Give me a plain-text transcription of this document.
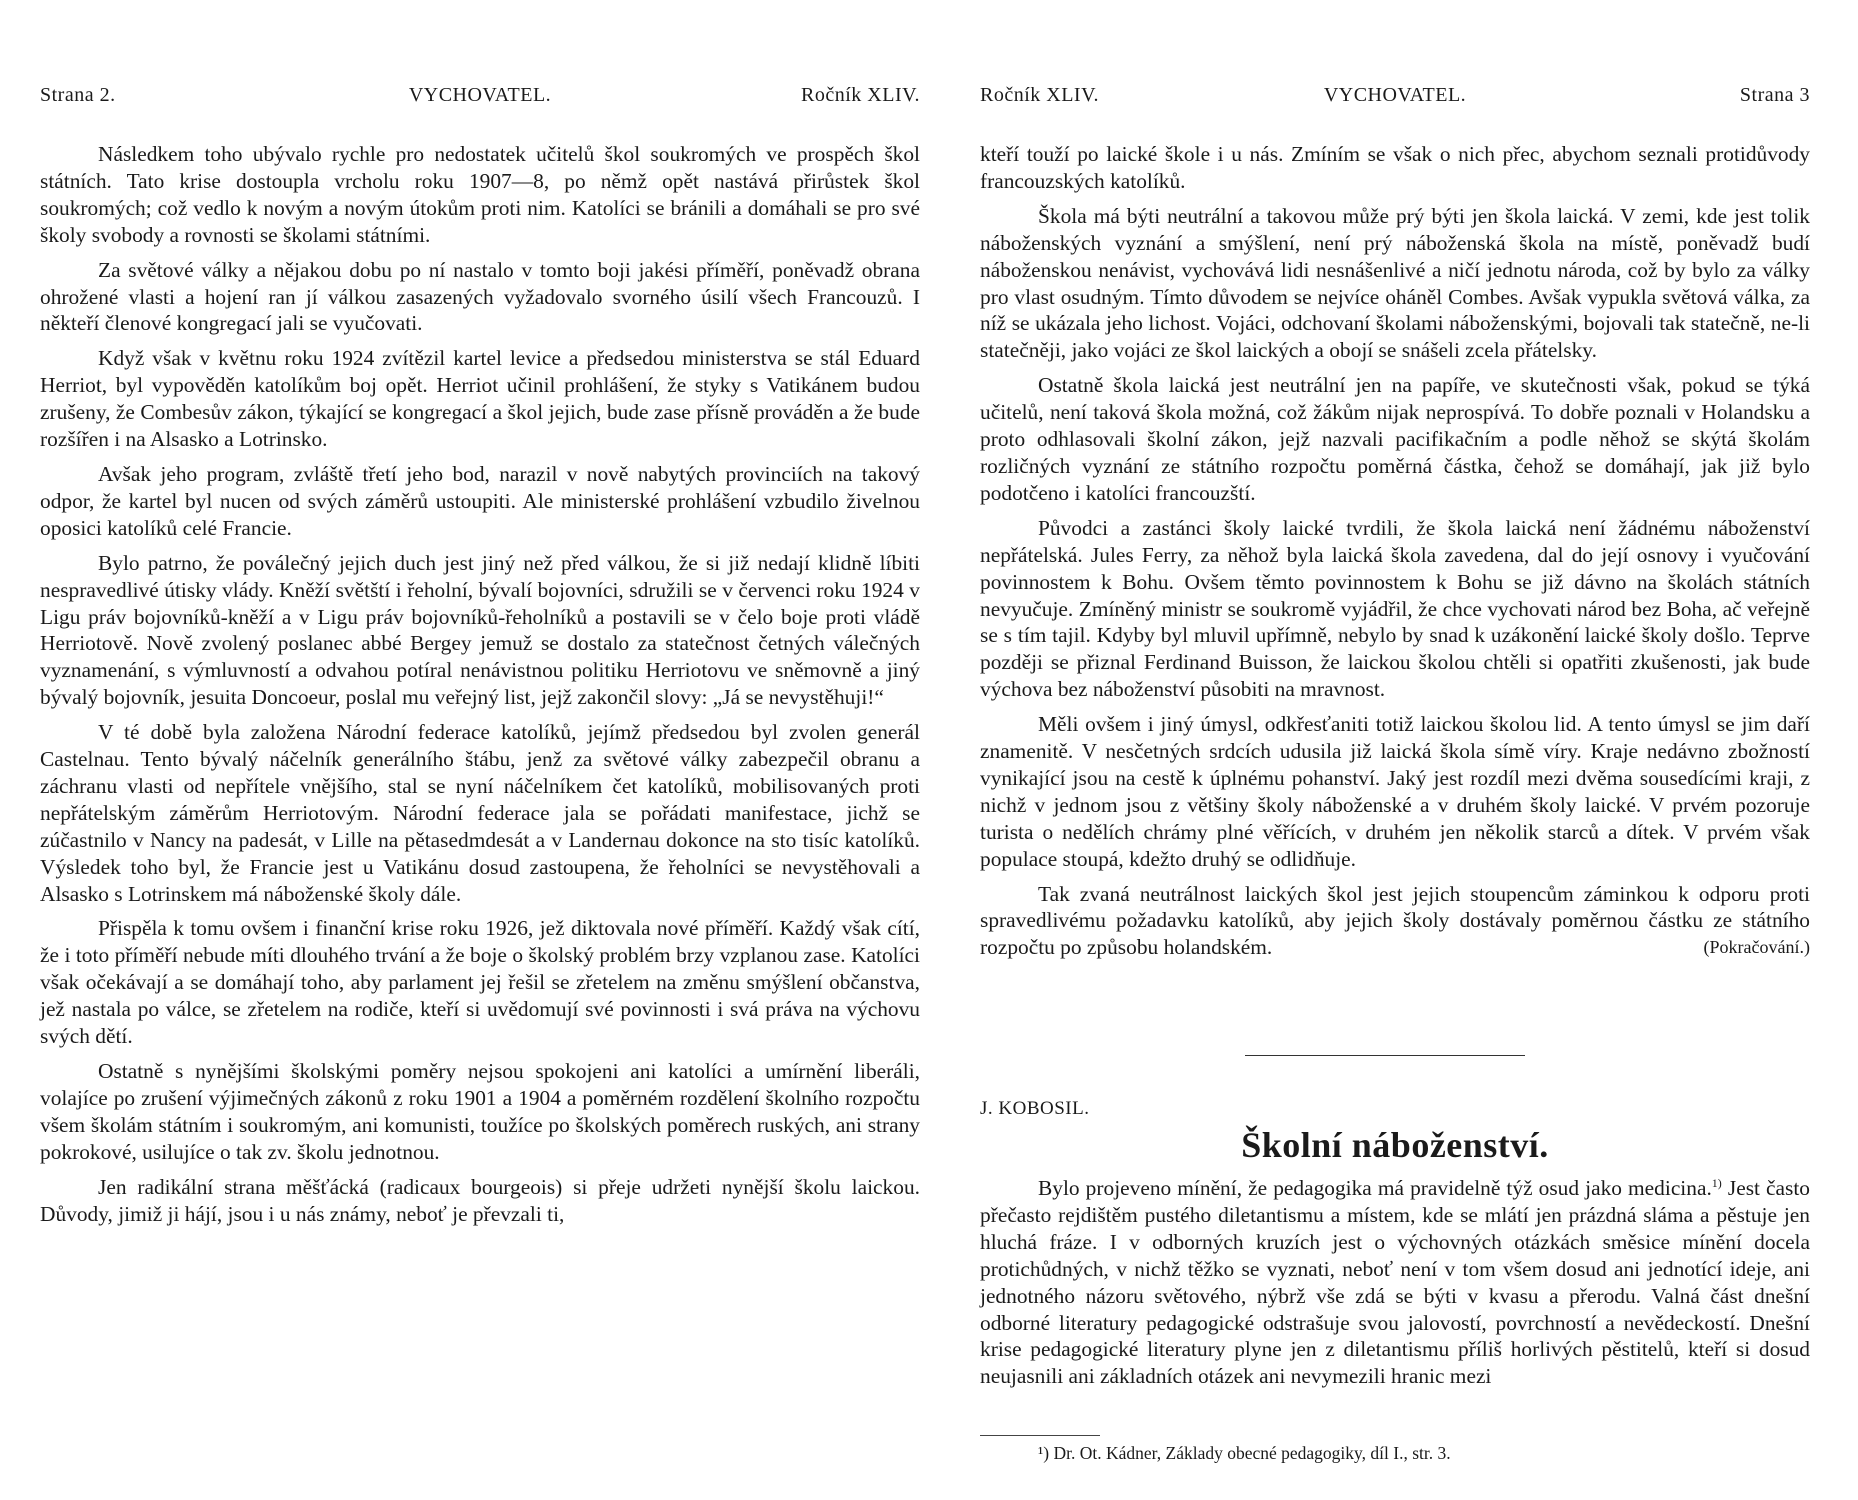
Strana 2.	VYCHOVATEL.	Ročník XLIV.

Následkem toho ubývalo rychle pro nedostatek učitelů škol soukromých ve prospěch škol státních. Tato krise dostoupla vrcholu roku 1907—8, po němž opět nastává přirůstek škol soukromých; což vedlo k novým a novým útokům proti nim. Katolíci se bránili a domáhali se pro své školy svobody a rovnosti se školami státními.

Za světové války a nějakou dobu po ní nastalo v tomto boji jakési příměří, poněvadž obrana ohrožené vlasti a hojení ran jí válkou zasazených vyžadovalo svorného úsilí všech Francouzů. I někteří členové kongregací jali se vyučovati.

Když však v květnu roku 1924 zvítězil kartel levice a předsedou ministerstva se stál Eduard Herriot, byl vypověděn katolíkům boj opět. Herriot učinil prohlášení, že styky s Vatikánem budou zrušeny, že Combesův zákon, týkající se kongregací a škol jejich, bude zase přísně prováděn a že bude rozšířen i na Alsasko a Lotrinsko.

Avšak jeho program, zvláště třetí jeho bod, narazil v nově nabytých provinciích na takový odpor, že kartel byl nucen od svých záměrů ustoupiti. Ale ministerské prohlášení vzbudilo živelnou oposici katolíků celé Francie.

Bylo patrno, že poválečný jejich duch jest jiný než před válkou, že si již nedají klidně líbiti nespravedlivé útisky vlády. Kněží světští i řeholní, bývalí bojovníci, sdružili se v červenci roku 1924 v Ligu práv bojovníků-kněží a v Ligu práv bojovníků-řeholníků a postavili se v čelo boje proti vládě Herriotově. Nově zvolený poslanec abbé Bergey jemuž se dostalo za statečnost četných válečných vyznamenání, s výmluvností a odvahou potíral nenávistnou politiku Herriotovu ve sněmovně a jiný bývalý bojovník, jesuita Doncoeur, poslal mu veřejný list, jejž zakončil slovy: „Já se nevystěhuji!“

V té době byla založena Národní federace katolíků, jejímž předsedou byl zvolen generál Castelnau. Tento bývalý náčelník generálního štábu, jenž za světové války zabezpečil obranu a záchranu vlasti od nepřítele vnějšího, stal se nyní náčelníkem čet katolíků, mobilisovaných proti nepřátelským záměrům Herriotovým. Národní federace jala se pořádati manifestace, jichž se zúčastnilo v Nancy na padesát, v Lille na pětasedmdesát a v Landernau dokonce na sto tisíc katolíků. Výsledek toho byl, že Francie jest u Vatikánu dosud zastoupena, že řeholníci se nevystěhovali a Alsasko s Lotrinskem má náboženské školy dále.

Přispěla k tomu ovšem i finanční krise roku 1926, jež diktovala nové příměří. Každý však cítí, že i toto příměří nebude míti dlouhého trvání a že boje o školský problém brzy vzplanou zase. Katolíci však očekávají a se domáhají toho, aby parlament jej řešil se zřetelem na změnu smýšlení občanstva, jež nastala po válce, se zřetelem na rodiče, kteří si uvědomují své povinnosti i svá práva na výchovu svých dětí.

Ostatně s nynějšími školskými poměry nejsou spokojeni ani katolíci a umírnění liberáli, volajíce po zrušení výjimečných zákonů z roku 1901 a 1904 a poměrném rozdělení školního rozpočtu všem školám státním i soukromým, ani komunisti, toužíce po školských poměrech ruských, ani strany pokrokové, usilujíce o tak zv. školu jednotnou.

Jen radikální strana měšťácká (radicaux bourgeois) si přeje udržeti nynější školu laickou. Důvody, jimiž ji hájí, jsou i u nás známy, neboť je převzali ti,

Ročník XLIV.	VYCHOVATEL.	Strana 3

kteří touží po laické škole i u nás. Zmíním se však o nich přec, abychom seznali protidůvody francouzských katolíků.

Škola má býti neutrální a takovou může prý býti jen škola laická. V zemi, kde jest tolik náboženských vyznání a smýšlení, není prý náboženská škola na místě, poněvadž budí náboženskou nenávist, vychovává lidi nesnášenlivé a ničí jednotu národa, což by bylo za války pro vlast osudným. Tímto důvodem se nejvíce oháněl Combes. Avšak vypukla světová válka, za níž se ukázala jeho lichost. Vojáci, odchovaní školami náboženskými, bojovali tak statečně, ne-li statečněji, jako vojáci ze škol laických a obojí se snášeli zcela přátelsky.

Ostatně škola laická jest neutrální jen na papíře, ve skutečnosti však, pokud se týká učitelů, není taková škola možná, což žákům nijak neprospívá. To dobře poznali v Holandsku a proto odhlasovali školní zákon, jejž nazvali pacifikačním a podle něhož se skýtá školám rozličných vyznání ze státního rozpočtu poměrná částka, čehož se domáhají, jak již bylo podotčeno i katolíci francouzští.

Původci a zastánci školy laické tvrdili, že škola laická není žádnému náboženství nepřátelská. Jules Ferry, za něhož byla laická škola zavedena, dal do její osnovy i vyučování povinnostem k Bohu. Ovšem těmto povinnostem k Bohu se již dávno na školách státních nevyučuje. Zmíněný ministr se soukromě vyjádřil, že chce vychovati národ bez Boha, ač veřejně se s tím tajil. Kdyby byl mluvil upřímně, nebylo by snad k uzákonění laické školy došlo. Teprve později se přiznal Ferdinand Buisson, že laickou školou chtěli si opatřiti zkušenosti, jak bude výchova bez náboženství působiti na mravnost.

Měli ovšem i jiný úmysl, odkřesťaniti totiž laickou školou lid. A tento úmysl se jim daří znamenitě. V nesčetných srdcích udusila již laická škola símě víry. Kraje nedávno zbožností vynikající jsou na cestě k úplnému pohanství. Jaký jest rozdíl mezi dvěma sousedícími kraji, z nichž v jednom jsou z většiny školy náboženské a v druhém školy laické. V prvém pozoruje turista o nedělích chrámy plné věřících, v druhém jen několik starců a dítek. V prvém však populace stoupá, kdežto druhý se odlidňuje.

Tak zvaná neutrálnost laických škol jest jejich stoupencům záminkou k odporu proti spravedlivému požadavku katolíků, aby jejich školy dostávaly poměrnou částku ze státního rozpočtu po způsobu holandském.	(Pokračování.)

J. KOBOSIL.
Školní náboženství.

Bylo projeveno mínění, že pedagogika má pravidelně týž osud jako medicina.$^{1)}$ Jest často přečasto rejdištěm pustého diletantismu a místem, kde se mlátí jen prázdná sláma a pěstuje jen hluchá fráze. I v odborných kruzích jest o výchovných otázkách směsice mínění docela protichůdných, v nichž těžko se vyznati, neboť není v tom všem dosud ani jednotící ideje, ani jednotného názoru světového, nýbrž vše zdá se býti v kvasu a přerodu. Valná část dnešní odborné literatury pedagogické odstrašuje svou jalovostí, povrchností a nevědeckostí. Dnešní krise pedagogické literatury plyne jen z diletantismu příliš horlivých pěstitelů, kteří si dosud neujasnili ani základních otázek ani nevymezili hranic mezi

¹) Dr. Ot. Kádner, Základy obecné pedagogiky, díl I., str. 3.
